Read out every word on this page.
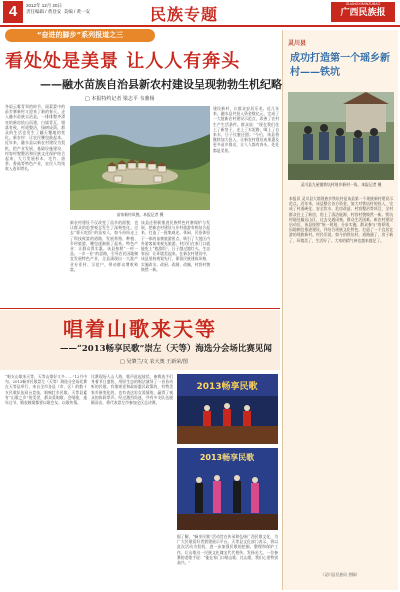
4	2012年 12月 20日
责任编辑 / 黄登安  美编 / 黄一安	民族专题
GUANGXIMINZUBAO
广西民族报
“奋进的脚步”系列报道之三
看处处是美景 让人人有奔头
——融水苗族自治县新农村建设呈现勃勃生机纪略
□ 本报特约记者 梁志平 韦鼎杨
冬雨云雾青翠的时节，雨蒙蒙中的苗乡寨新村又迎来了新的春天。走入融水苗族自治县，一排排整齐漂亮的新房依山而建，白墙青瓦，错落有致，村道整洁，绿树成荫，群众的生活也发生了翻天覆地的变化。新农村：让农民腰包鼓起来。近年来，融水县以新农村建设为契机，把产业发展、基础设施建设、村容村貌整治和民族文化保护结合起来，大力发展杉木、毛竹、油茶、香菇等特色产业，农民人均纯收入连年增长。
苗家新村风貌。本报记者 摄
建设新村，让群众安居乐业。近几年来，融水县共投入资金数亿元，完成了一大批新农村建设示范点，改善了农村生产生活条件。群众说：“现在我们住上了新房子，走上了水泥路，喝上了自来水，日子比蜜还甜。”今后，该县将继续加大投入，让新农村建设成果惠及更多苗乡群众，让人人都有奔头，处处都是美景。
新农村建设不仅改变了苗乡的面貌，也让群众的思想观念发生了深刻变化。过去“靠天吃饭”的苗家人，如今纷纷走上了科技致富的道路，发展养殖、种植、乡村旅游，腰包逐渐鼓了起来。特色产业：让群众得实惠。该县按照“一村一品、一乡一业”的思路，引导农民因地制宜发展特色产业，全县涌现出一大批产业专业村、示范户，带动群众增收致富。
该县还积极推进民族特色村寨保护与发展，把新农村建设与乡村旅游有机结合起来，打造了一批集观光、休闲、民俗体验于一体的苗寨旅游景点，吸引了大批区内外游客前来观光旅游。村民们在家门口就能吃上“旅游饭”，日子越过越红火。生态家园：让环境美起来。在新农村建设中，该县坚持规划先行，保留民族建筑风格，实施改水、改厨、改厕、改圈，村容村貌焕然一新。
灵川县
成功打造第一个瑶乡新村——铁坑
灵川县九屋镇铁坑村瑶乡新村一角。本报记者 摄
本报讯 灵川县大境瑶族乡铁坑村是该县第一个瑶族新村建设示范点。近年来，该县整合各方资金，加大对铁坑村的投入，完成了村道硬化、安全饮水、危房改造、村容整治等项目，全村群众住上了新房，用上了清洁能源，村容村貌焕然一新。铁坑村地处偏远山区，过去交通闭塞，群众生活困难。新农村建设启动后，该县按照“统一规划、分步实施、群众参与”的原则，因地制宜推进建设，并结合瑶族文化特色，打造了一个宜居宜游的瑶族新村。村民们说，如今的铁坑村，道路通了，房子新了，环境美了，生活好了，大家的精气神也越来越足了。
（灵川县民族局 供稿）
唱着山歌来天等
——“2013畅享民歌”崇左（天等）海选分会场比赛见闻
□ 吴肇兰/文 农大奥 王新荣/图
“唱支山歌来天等，天等山歌好又多……”12月中旬，2013畅享民歌崇左（天等）海选分会场比赛在天等县举行，来自全市各县（市、区）的数十支民歌队伍同台竞技，唱响壮乡民歌。天等县素有“山歌之乡”的美誉，群众爱唱歌、会唱歌，逢年过节、婚丧嫁娶都要以歌会友、以歌传情。
比赛现场人山人海，歌声此起彼伏。参赛选手们身着节日盛装，用原生态的唱法演绎了一首首动听的民歌，有歌颂党和政府惠民政策的，有赞美家乡新变化的，也有表达男女爱情的，赢得了观众的阵阵掌声。经过激烈角逐，共有多支队伍脱颖而出，将代表崇左市参加全区总决赛。
2013畅享民歌
2013畅享民歌
据了解，“畅享民歌”活动旨在传承和弘扬广西民歌文化，为广大民歌爱好者搭建展示平台。天等县文化部门表示，将以此次活动为契机，进一步加强民歌的挖掘、整理和保护工作，让山歌这一民族文化瑰宝代代相传、发扬光大。一位参赛的老歌手说：“能在家门口唱山歌、比山歌，我们心里特别高兴。”
